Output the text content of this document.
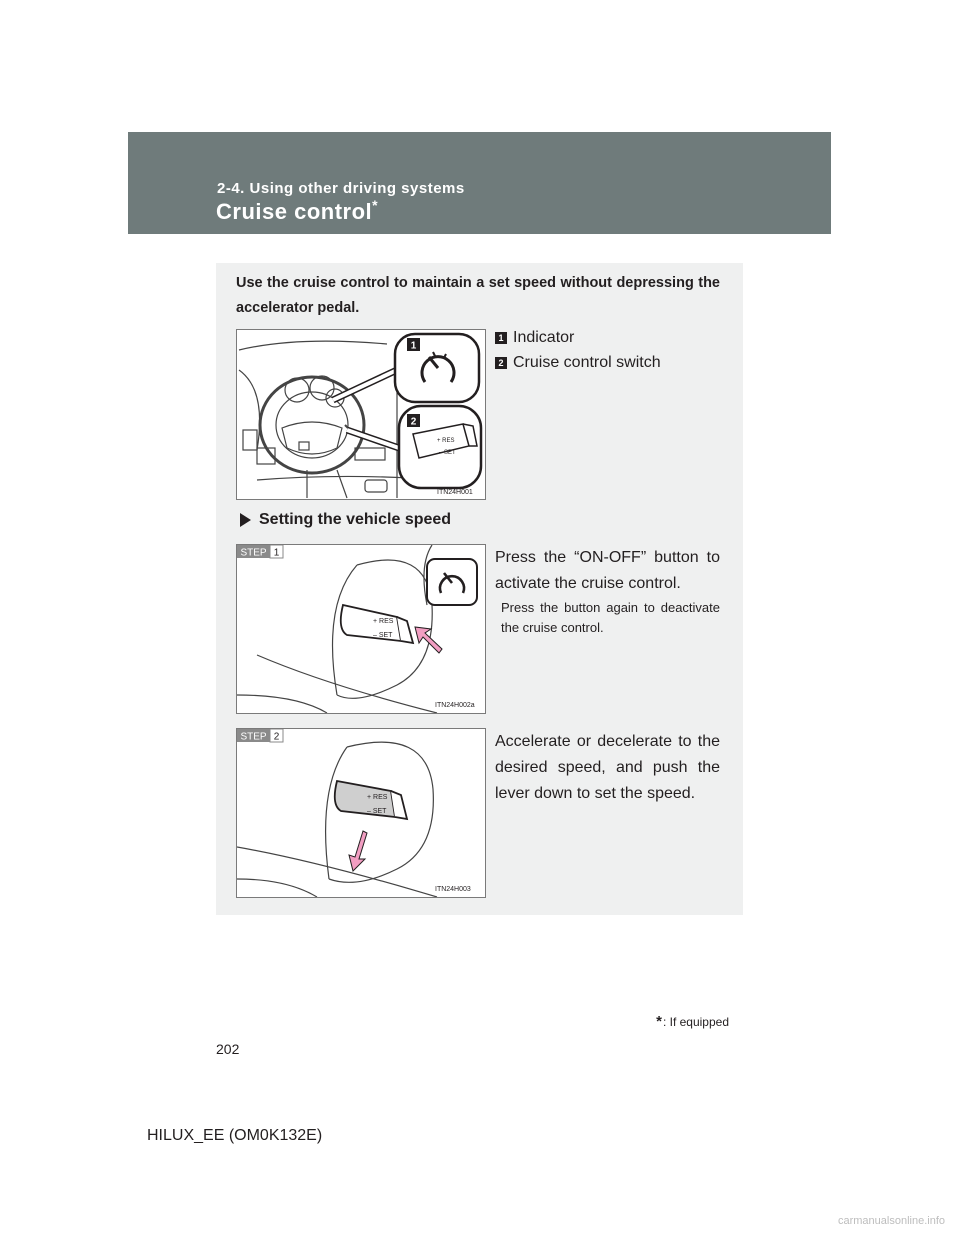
2-4. Using other driving systems
Cruise control*
Use the cruise control to maintain a set speed without depressing the accelerator pedal.
+ RES
– SET
1
2
ITN24H001
1 Indicator
2 Cruise control switch
Setting the vehicle speed
STEP 1
+ RES
– SET
ITN24H002a
Press the “ON-OFF” button to activate the cruise control.
Press the button again to deactivate the cruise control.
STEP 2
+ RES
– SET
ITN24H003
Accelerate or decelerate to the desired speed, and push the lever down to set the speed.
* : If equipped
202
HILUX_EE (OM0K132E)
carmanualsonline.info
